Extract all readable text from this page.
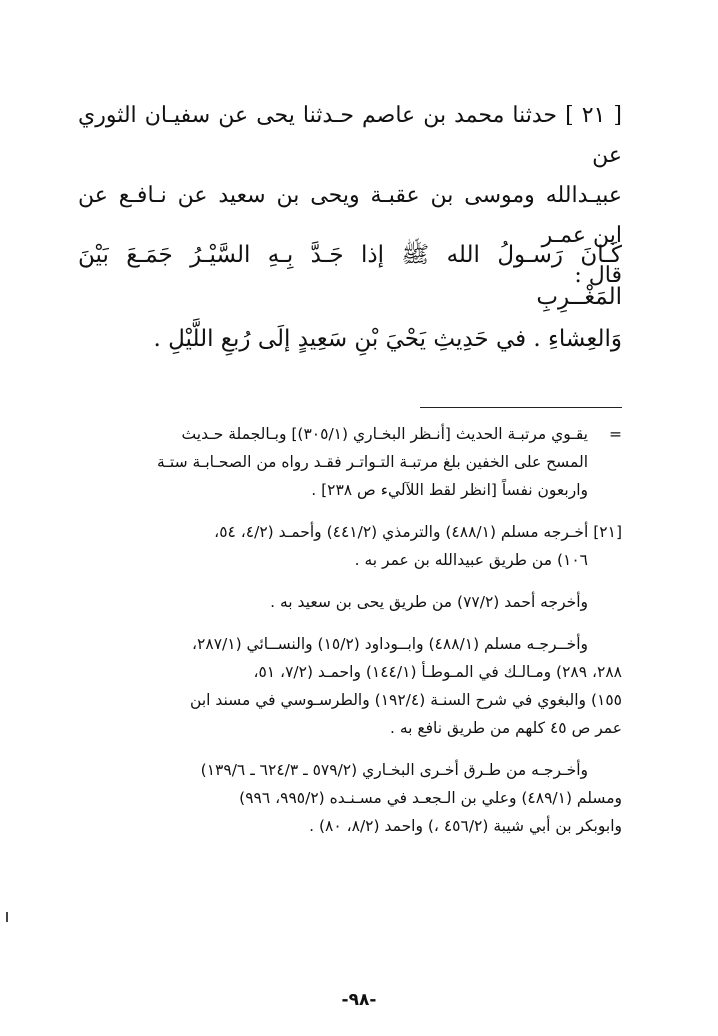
[ ٢١ ] حدثنا محمد بن عاصم حـدثنا يحى عن سفيـان الثوري عن

عبيـدالله وموسى بن عقبـة ويحى بن سعيد عن نـافـع عن ابن عمـر

قال :

كَـانَ رَسـولُ الله ﷺ إذا جَـدَّ بِـهِ السَّيْـرُ جَمَـعَ بَيْنَ المَغْــرِبِ

وَالعِشاءِ . في حَدِيثِ يَحْيَ بْنِ سَعِيدٍ إلَى رُبعِ اللَّيْلِ .

=يقـوي مرتبـة الحديث [أنـظر البخـاري (٣٠٥/١)] وبـالجملة حـديث
المسح على الخفين بلغ مرتبـة التـواتـر فقـد رواه من الصحـابـة ستـة
واربعون نفساً [انظر لقط اللآليء ص ٢٣٨] .
[٢١] أخـرجه مسلم (٤٨٨/١) والترمذي (٤٤١/٢) وأحمـد (٤/٢، ٥٤،
١٠٦) من طريق عبيدالله بن عمر به .
وأخرجه أحمد (٧٧/٢) من طريق يحى بن سعيد به .
وأخــرجـه مسلم (٤٨٨/١) وابــوداود (١٥/٢) والنســائي (٢٨٧/١،
٢٨٨، ٢٨٩) ومـالـك في المـوطـأ (١٤٤/١) واحمـد (٧/٢، ٥١،
١٥٥) والبغوي في شرح السنـة (١٩٢/٤) والطرسـوسي في مسند ابن
عمر ص ٤٥ كلهم من طريق نافع به .
وأخـرجـه من طـرق أخـرى البخـاري (٥٧٩/٢ ـ ٦٢٤/٣ ـ ١٣٩/٦)
ومسلم (٤٨٩/١) وعلي بن الـجعـد في مسـنـده (٩٩٥/٢، ٩٩٦)
وابوبكر بن أبي شيبة (٤٥٦/٢ ،) واحمد (٨/٢، ٨٠) .
-٩٨-
